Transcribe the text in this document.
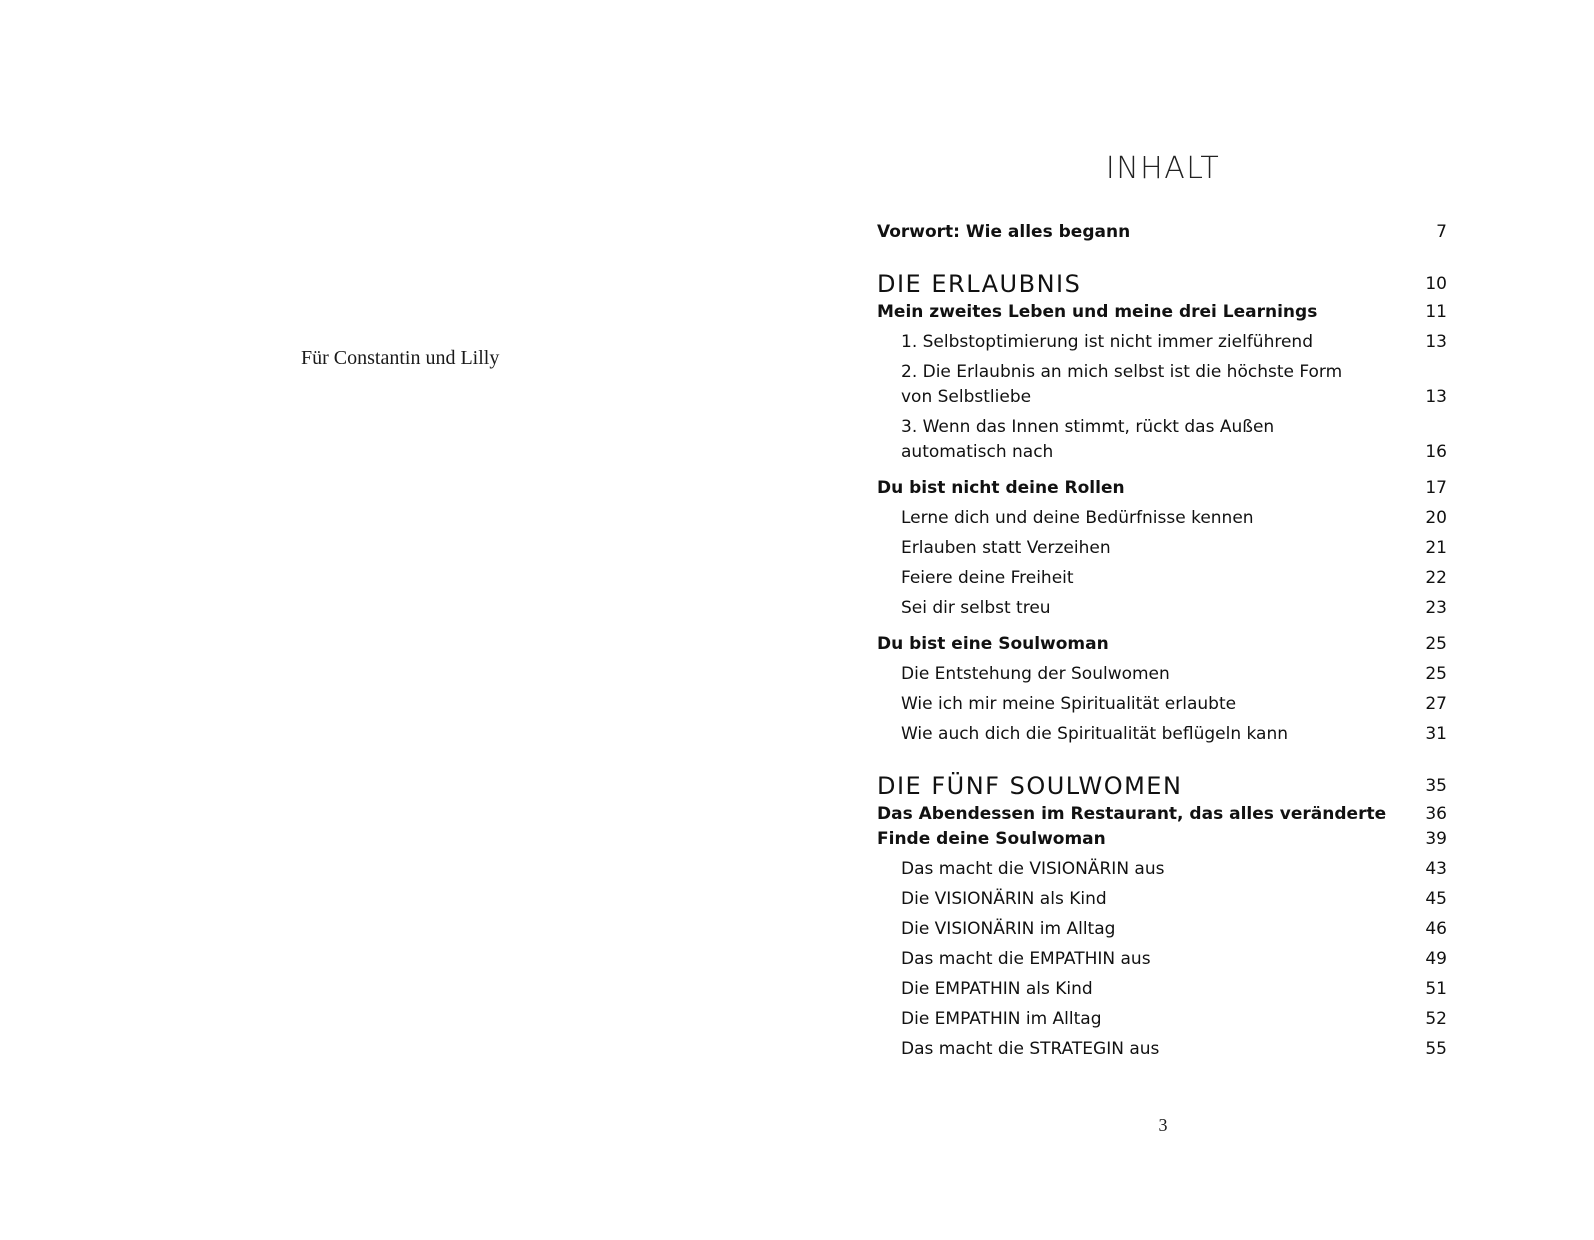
Für Constantin und Lilly
INHALT
Vorwort: Wie alles begann	7
DIE ERLAUBNIS	10
Mein zweites Leben und meine drei Learnings	11
1. Selbstoptimierung ist nicht immer zielführend	13
2. Die Erlaubnis an mich selbst ist die höchste Form von Selbstliebe	13
3. Wenn das Innen stimmt, rückt das Außen automatisch nach	16
Du bist nicht deine Rollen	17
Lerne dich und deine Bedürfnisse kennen	20
Erlauben statt Verzeihen	21
Feiere deine Freiheit	22
Sei dir selbst treu	23
Du bist eine Soulwoman	25
Die Entstehung der Soulwomen	25
Wie ich mir meine Spiritualität erlaubte	27
Wie auch dich die Spiritualität beflügeln kann	31
DIE FÜNF SOULWOMEN	35
Das Abendessen im Restaurant, das alles veränderte	36
Finde deine Soulwoman	39
Das macht die VISIONÄRIN aus	43
Die VISIONÄRIN als Kind	45
Die VISIONÄRIN im Alltag	46
Das macht die EMPATHIN aus	49
Die EMPATHIN als Kind	51
Die EMPATHIN im Alltag	52
Das macht die STRATEGIN aus	55
3
